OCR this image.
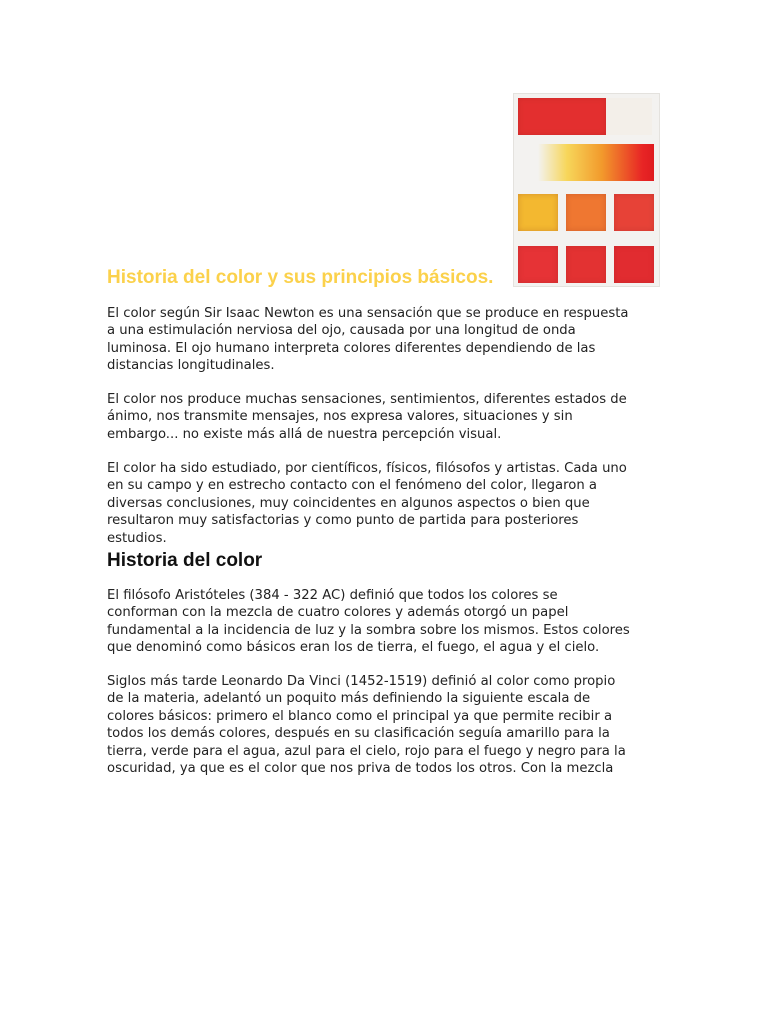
Historia del color y sus principios básicos.

El color según Sir Isaac Newton es una sensación que se produce en respuesta
a una estimulación nerviosa del ojo, causada por una longitud de onda
luminosa. El ojo humano interpreta colores diferentes dependiendo de las
distancias longitudinales.

El color nos produce muchas sensaciones, sentimientos, diferentes estados de
ánimo, nos transmite mensajes, nos expresa valores, situaciones y sin
embargo... no existe más allá de nuestra percepción visual.

El color ha sido estudiado, por científicos, físicos, filósofos y artistas. Cada uno
en su campo y en estrecho contacto con el fenómeno del color, llegaron a
diversas conclusiones, muy coincidentes en algunos aspectos o bien que
resultaron muy satisfactorias y como punto de partida para posteriores
estudios.

Historia del color

El filósofo Aristóteles (384 - 322 AC) definió que todos los colores se
conforman con la mezcla de cuatro colores y además otorgó un papel
fundamental a la incidencia de luz y la sombra sobre los mismos. Estos colores
que denominó como básicos eran los de tierra, el fuego, el agua y el cielo.

Siglos más tarde Leonardo Da Vinci (1452-1519) definió al color como propio
de la materia, adelantó un poquito más definiendo la siguiente escala de
colores básicos: primero el blanco como el principal ya que permite recibir a
todos los demás colores, después en su clasificación seguía amarillo para la
tierra, verde para el agua, azul para el cielo, rojo para el fuego y negro para la
oscuridad, ya que es el color que nos priva de todos los otros. Con la mezcla
